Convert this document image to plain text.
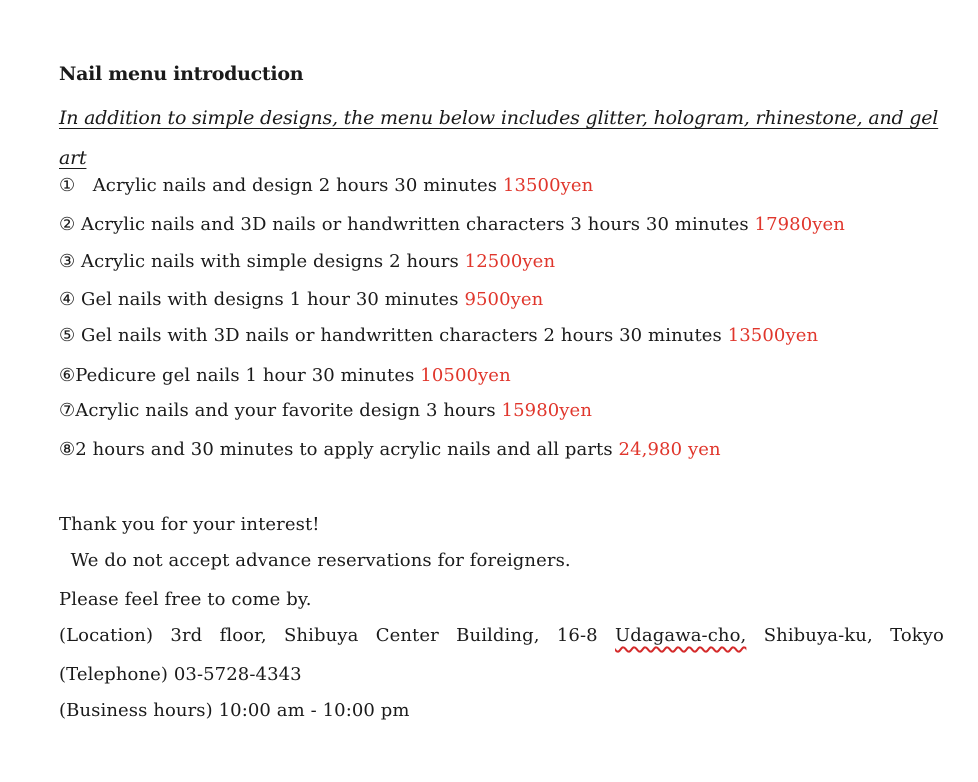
Nail menu introduction
In addition to simple designs, the menu below includes glitter, hologram, rhinestone, and gel art
①   Acrylic nails and design 2 hours 30 minutes 13500yen
② Acrylic nails and 3D nails or handwritten characters 3 hours 30 minutes 17980yen
③ Acrylic nails with simple designs 2 hours 12500yen
④ Gel nails with designs 1 hour 30 minutes 9500yen
⑤ Gel nails with 3D nails or handwritten characters 2 hours 30 minutes 13500yen
⑥Pedicure gel nails 1 hour 30 minutes 10500yen
⑦Acrylic nails and your favorite design 3 hours 15980yen
⑧2 hours and 30 minutes to apply acrylic nails and all parts 24,980 yen
Thank you for your interest!
We do not accept advance reservations for foreigners.
Please feel free to come by.
(Location) 3rd floor, Shibuya Center Building, 16-8 Udagawa-cho, Shibuya-ku, Tokyo
(Telephone) 03-5728-4343
(Business hours) 10:00 am - 10:00 pm
